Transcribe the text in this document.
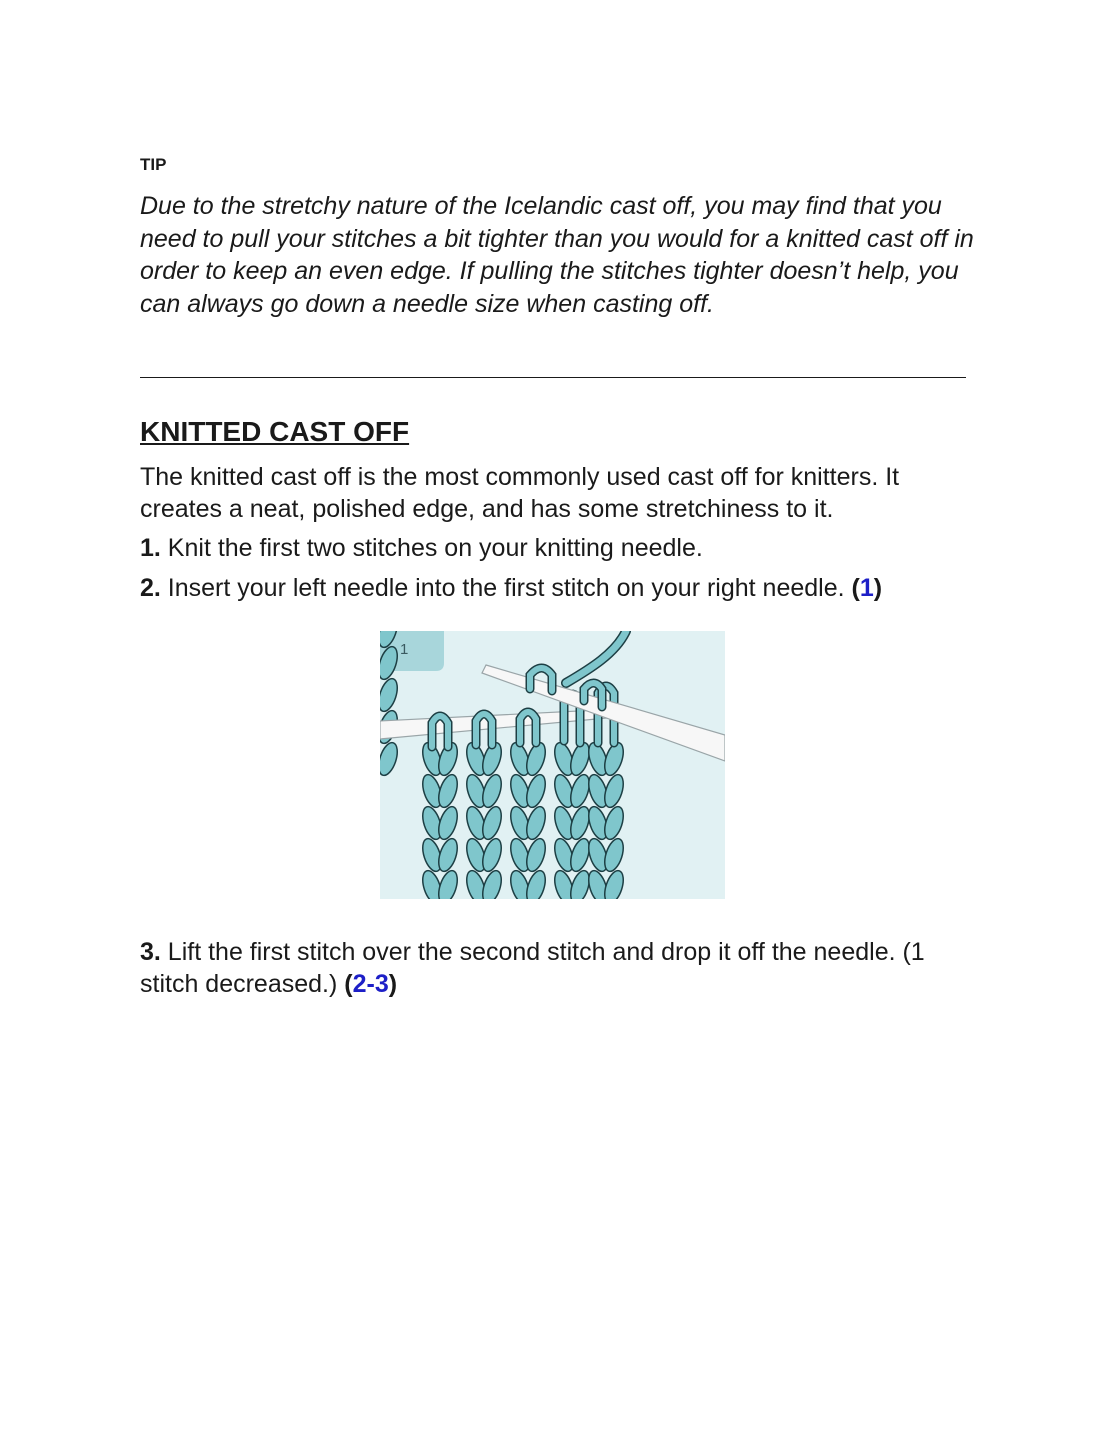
TIP

Due to the stretchy nature of the Icelandic cast off, you may find that you need to pull your stitches a bit tighter than you would for a knitted cast off in order to keep an even edge. If pulling the stitches tighter doesn’t help, you can always go down a needle size when casting off.

KNITTED CAST OFF

The knitted cast off is the most commonly used cast off for knitters. It creates a neat, polished edge, and has some stretchiness to it.

1. Knit the first two stitches on your knitting needle.

2. Insert your left needle into the first stitch on your right needle. (1)

1

3. Lift the first stitch over the second stitch and drop it off the needle. (1 stitch decreased.) (2-3)
